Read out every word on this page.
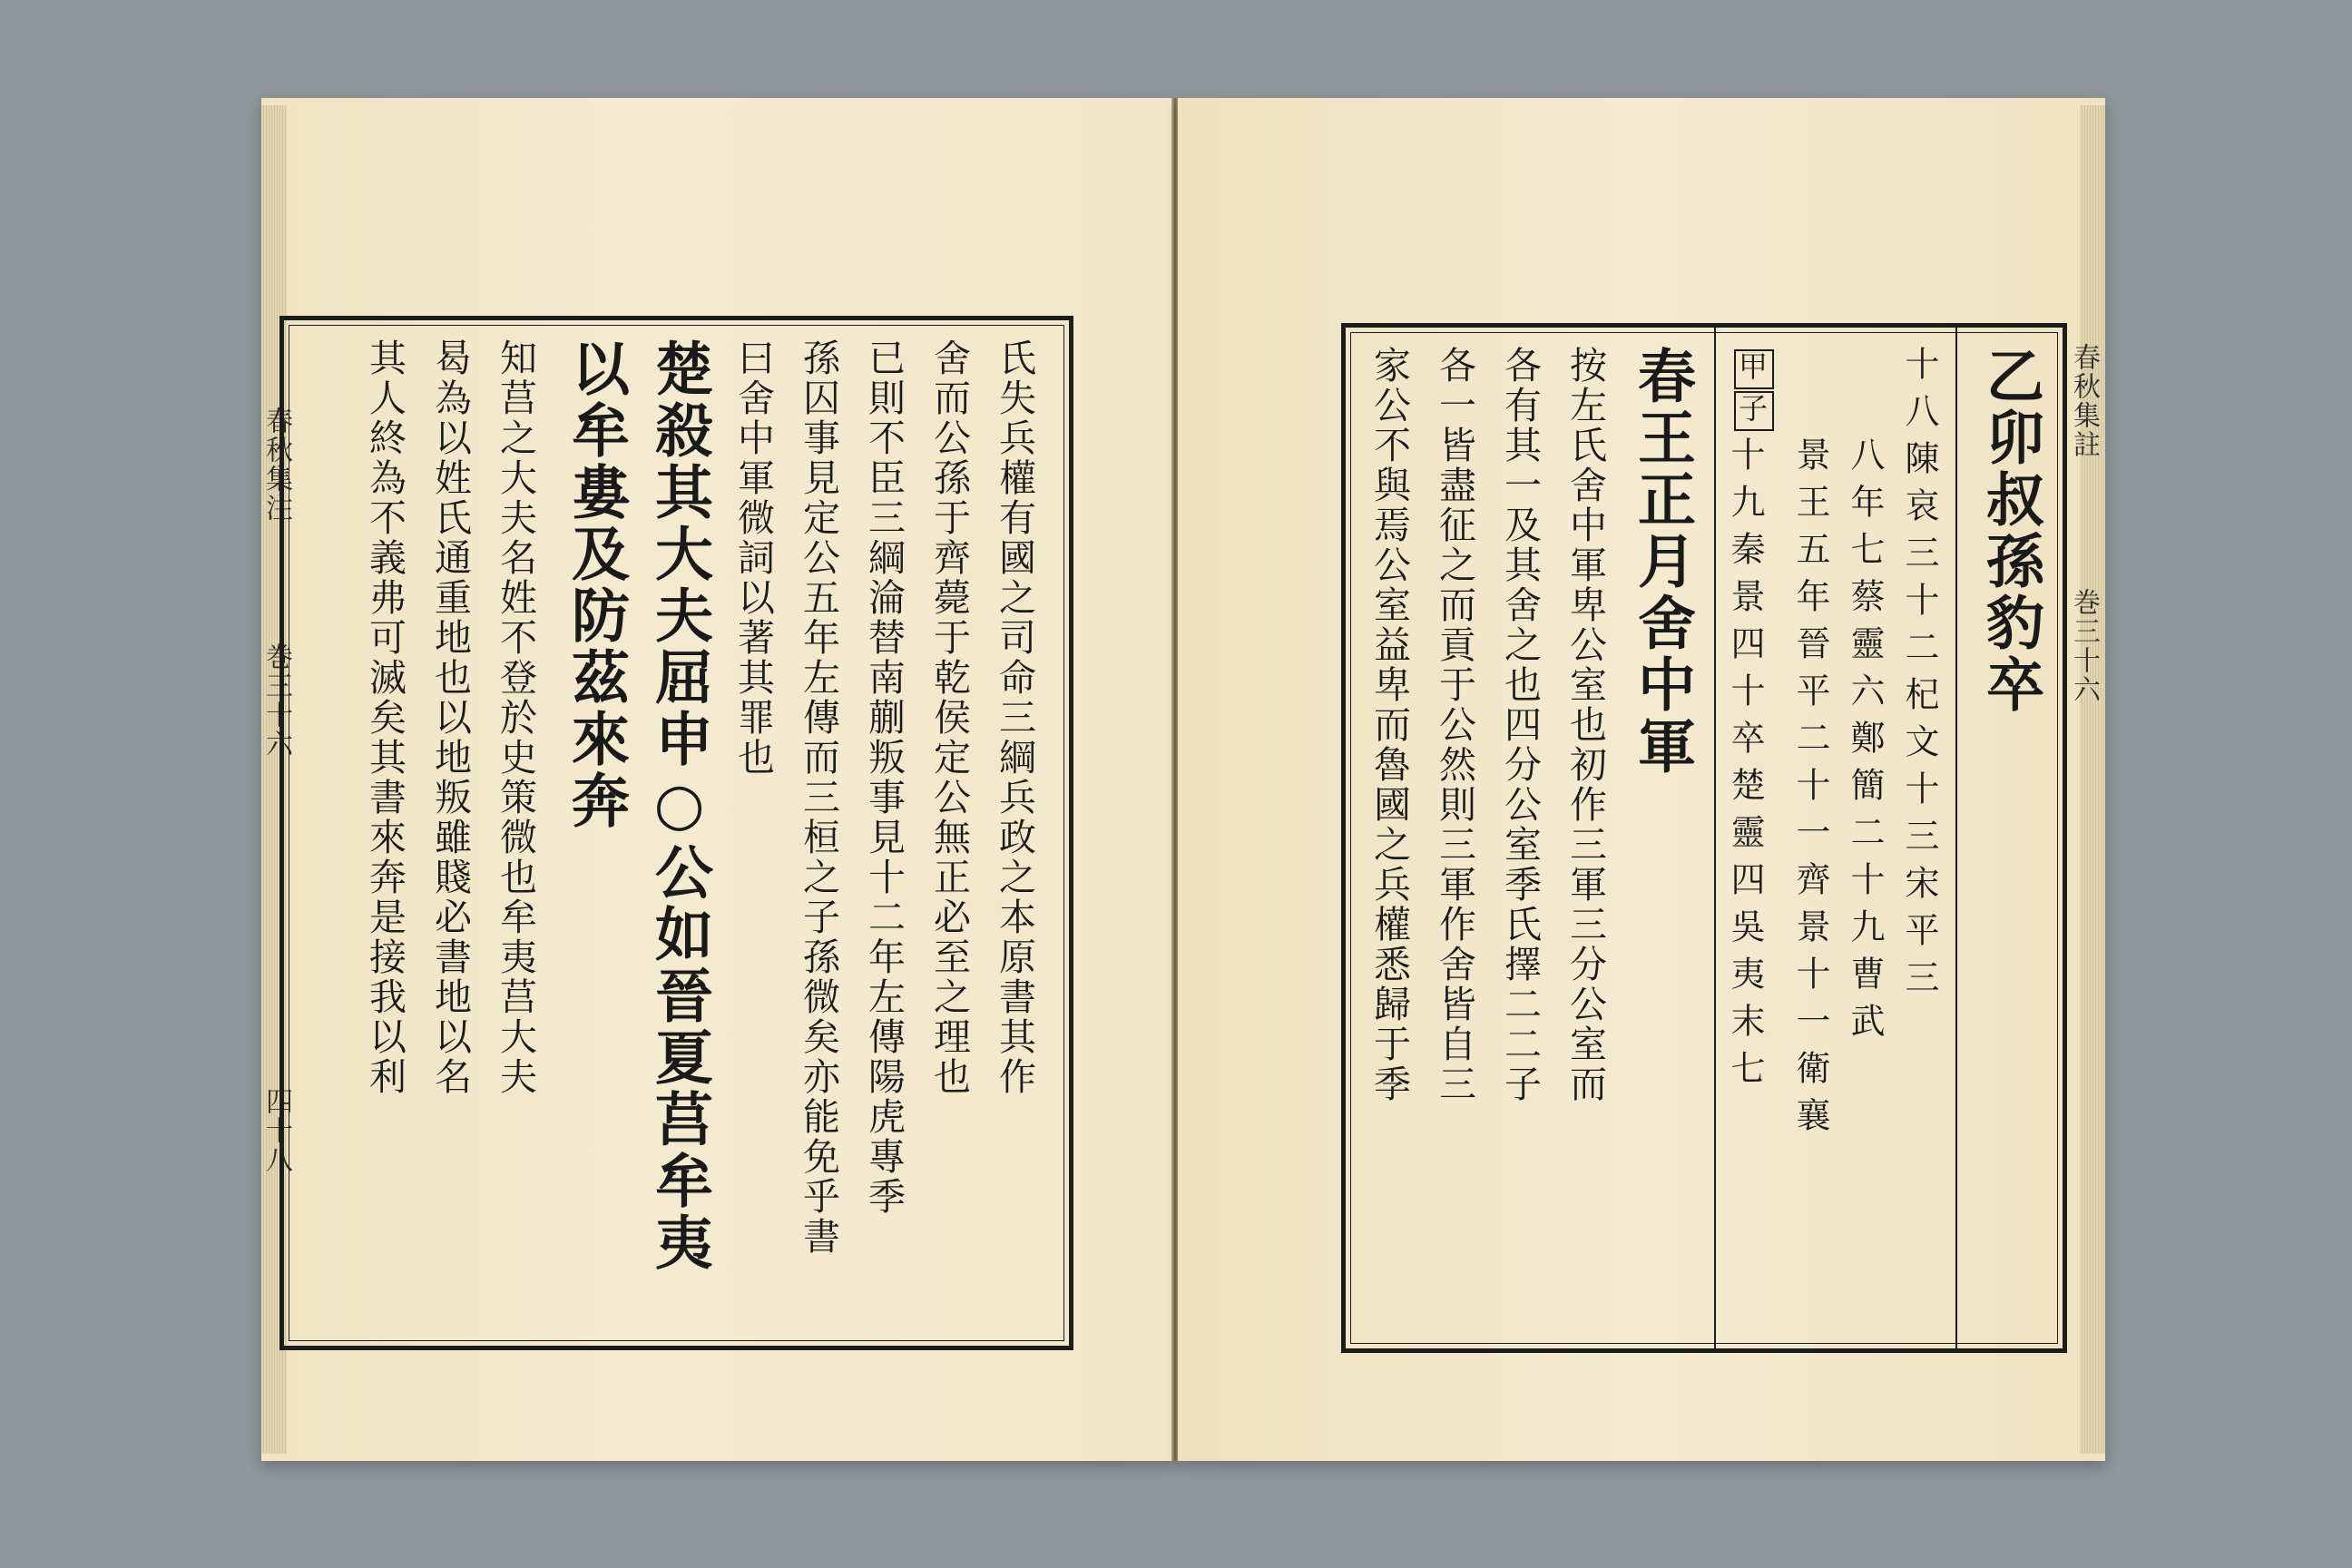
春秋集注
巻三十六
四十八
氏失兵權有國之司命三綱兵政之本原書其作
舍而公孫于齊薨于乾侯定公無正必至之理也
已則不臣三綱淪替南蒯叛事見十二年左傳陽虎專季
孫囚事見定公五年左傳而三桓之子孫微矣亦能免乎書
曰舍中軍微詞以著其罪也
楚殺其大夫屈申○公如晉夏莒牟夷
以牟婁及防茲來奔
知莒之大夫名姓不登於史策微也牟夷莒大夫
曷為以姓氏通重地也以地叛雖賤必書地以名
其人終為不義弗可滅矣其書來奔是接我以利	春秋集註
巻三十六
乙卯叔孫豹卒
甲
子
景王五年晉平二十一齊景十一衛襄 八年七蔡靈六鄭簡二十九曹武 十八陳哀三十二杞文十三宋平三
十九秦景四十卒楚靈四吳夷末七
春王正月舍中軍
按左氏舍中軍卑公室也初作三軍三分公室而
各有其一及其舍之也四分公室季氏擇二二子
各一皆盡征之而貢于公然則三軍作舍皆自三
家公不與焉公室益卑而魯國之兵權悉歸于季
